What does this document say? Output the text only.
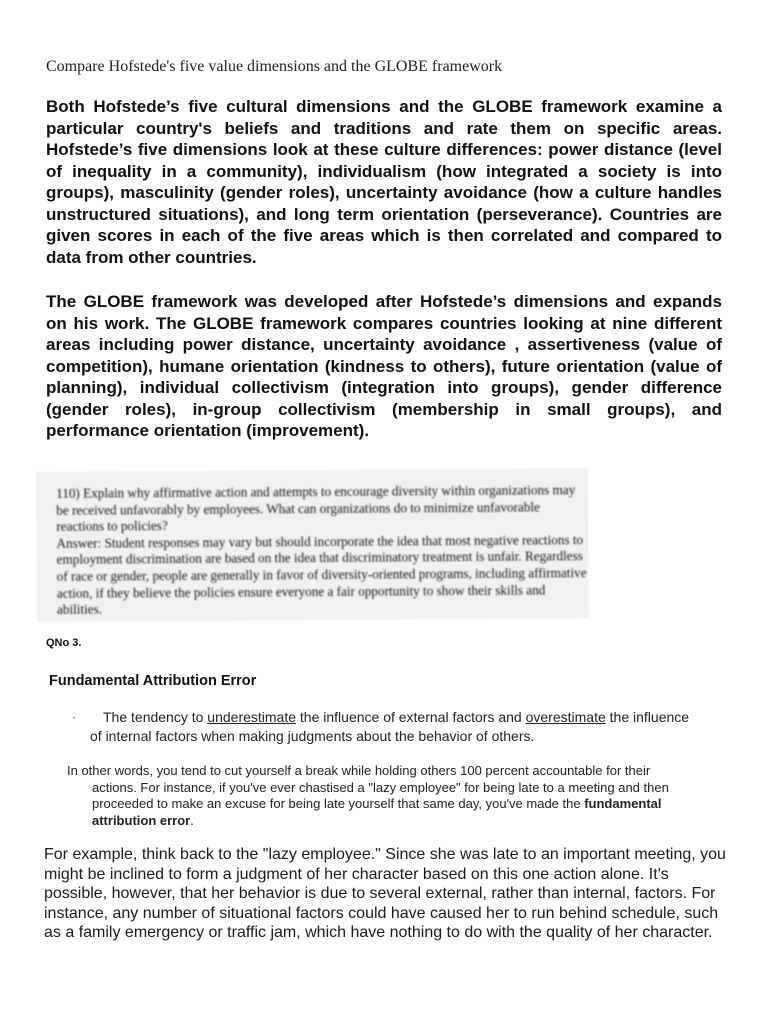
Compare Hofstede's five value dimensions and the GLOBE framework
Both Hofstede’s five cultural dimensions and the GLOBE framework examine a particular country's beliefs and traditions and rate them on specific areas. Hofstede’s five dimensions look at these culture differences: power distance (level of inequality in a community), individualism (how integrated a society is into groups), masculinity (gender roles), uncertainty avoidance (how a culture handles unstructured situations), and long term orientation (perseverance). Countries are given scores in each of the five areas which is then correlated and compared to data from other countries.
The GLOBE framework was developed after Hofstede’s dimensions and expands on his work. The GLOBE framework compares countries looking at nine different areas including power distance, uncertainty avoidance , assertiveness (value of competition), humane orientation (kindness to others), future orientation (value of planning), individual collectivism (integration into groups), gender difference (gender roles), in-group collectivism (membership in small groups), and performance orientation (improvement).
110) Explain why affirmative action and attempts to encourage diversity within organizations may be received unfavorably by employees. What can organizations do to minimize unfavorable reactions to policies?
Answer: Student responses may vary but should incorporate the idea that most negative reactions to employment discrimination are based on the idea that discriminatory treatment is unfair. Regardless of race or gender, people are generally in favor of diversity-oriented programs, including affirmative action, if they believe the policies ensure everyone a fair opportunity to show their skills and abilities.
QNo 3.
Fundamental Attribution Error
·	The tendency to underestimate the influence of external factors and overestimate the influence of internal factors when making judgments about the behavior of others.
In other words, you tend to cut yourself a break while holding others 100 percent accountable for their
actions. For instance, if you've ever chastised a "lazy employee" for being late to a meeting and then proceeded to make an excuse for being late yourself that same day, you've made the fundamental attribution error.
For example, think back to the "lazy employee." Since she was late to an important meeting, you might be inclined to form a judgment of her character based on this one action alone. It's possible, however, that her behavior is due to several external, rather than internal, factors. For instance, any number of situational factors could have caused her to run behind schedule, such as a family emergency or traffic jam, which have nothing to do with the quality of her character.
